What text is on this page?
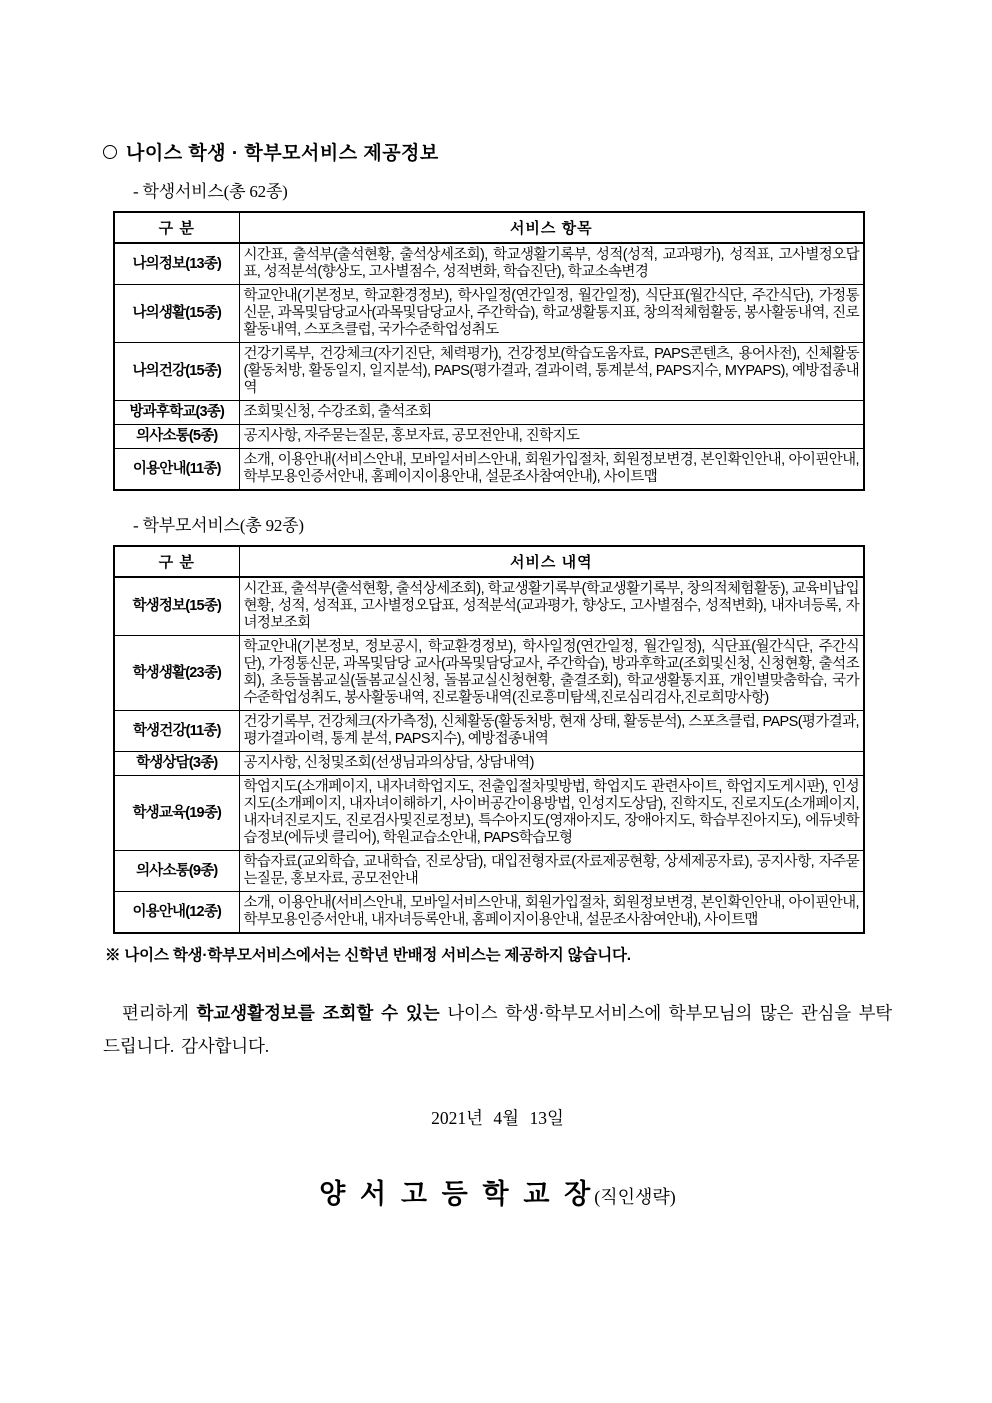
나이스 학생 · 학부모서비스 제공정보
- 학생서비스(총 62종)
구 분	서비스 항목
나의정보(13종)	시간표, 출석부(출석현황, 출석상세조회), 학교생활기록부, 성적(성적, 교과평가), 성적표, 고사별정오답표, 성적분석(향상도, 고사별점수, 성적변화, 학습진단), 학교소속변경
나의생활(15종)	학교안내(기본정보, 학교환경정보), 학사일정(연간일정, 월간일정), 식단표(월간식단, 주간식단), 가정통신문, 과목및담당교사(과목및담당교사, 주간학습), 학교생활통지표, 창의적체험활동, 봉사활동내역, 진로활동내역, 스포츠클럽, 국가수준학업성취도
나의건강(15종)	건강기록부, 건강체크(자기진단, 체력평가), 건강정보(학습도움자료, PAPS콘텐츠, 용어사전), 신체활동(활동처방, 활동일지, 일지분석), PAPS(평가결과, 결과이력, 통계분석, PAPS지수, MYPAPS), 예방접종내역
방과후학교(3종)	조회및신청, 수강조회, 출석조회
의사소통(5종)	공지사항, 자주묻는질문, 홍보자료, 공모전안내, 진학지도
이용안내(11종)	소개, 이용안내(서비스안내, 모바일서비스안내, 회원가입절차, 회원정보변경, 본인확인안내, 아이핀안내, 학부모용인증서안내, 홈페이지이용안내, 설문조사참여안내), 사이트맵
- 학부모서비스(총 92종)
구 분	서비스 내역
학생정보(15종)	시간표, 출석부(출석현황, 출석상세조회), 학교생활기록부(학교생활기록부, 창의적체험활동), 교육비납입현황, 성적, 성적표, 고사별정오답표, 성적분석(교과평가, 향상도, 고사별점수, 성적변화), 내자녀등록, 자녀정보조회
학생생활(23종)	학교안내(기본정보, 정보공시, 학교환경정보), 학사일정(연간일정, 월간일정), 식단표(월간식단, 주간식단), 가정통신문, 과목및담당 교사(과목및담당교사, 주간학습), 방과후학교(조회및신청, 신청현황, 출석조회), 초등돌봄교실(돌봄교실신청, 돌봄교실신청현황, 출결조회), 학교생활통지표, 개인별맞춤학습, 국가수준학업성취도, 봉사활동내역, 진로활동내역(진로흥미탐색,진로심리검사,진로희망사항)
학생건강(11종)	건강기록부, 건강체크(자가측정), 신체활동(활동처방, 현재 상태, 활동분석), 스포츠클럽, PAPS(평가결과, 평가결과이력, 통계 분석, PAPS지수), 예방접종내역
학생상담(3종)	공지사항, 신청및조회(선생님과의상담, 상담내역)
학생교육(19종)	학업지도(소개페이지, 내자녀학업지도, 전출입절차및방법, 학업지도 관련사이트, 학업지도게시판), 인성지도(소개페이지, 내자녀이해하기, 사이버공간이용방법, 인성지도상담), 진학지도, 진로지도(소개페이지, 내자녀진로지도, 진로검사및진로정보), 특수아지도(영재아지도, 장애아지도, 학습부진아지도), 에듀넷학습정보(에듀넷 클리어), 학원교습소안내, PAPS학습모형
의사소통(9종)	학습자료(교외학습, 교내학습, 진로상담), 대입전형자료(자료제공현황, 상세제공자료), 공지사항, 자주묻는질문, 홍보자료, 공모전안내
이용안내(12종)	소개, 이용안내(서비스안내, 모바일서비스안내, 회원가입절차, 회원정보변경, 본인확인안내, 아이핀안내, 학부모용인증서안내, 내자녀등록안내, 홈페이지이용안내, 설문조사참여안내), 사이트맵
※ 나이스 학생·학부모서비스에서는 신학년 반배정 서비스는 제공하지 않습니다.
편리하게 학교생활정보를 조회할 수 있는 나이스 학생·학부모서비스에 학부모님의 많은 관심을 부탁드립니다. 감사합니다.
2021년 4월 13일
양 서 고 등 학 교 장(직인생략)
